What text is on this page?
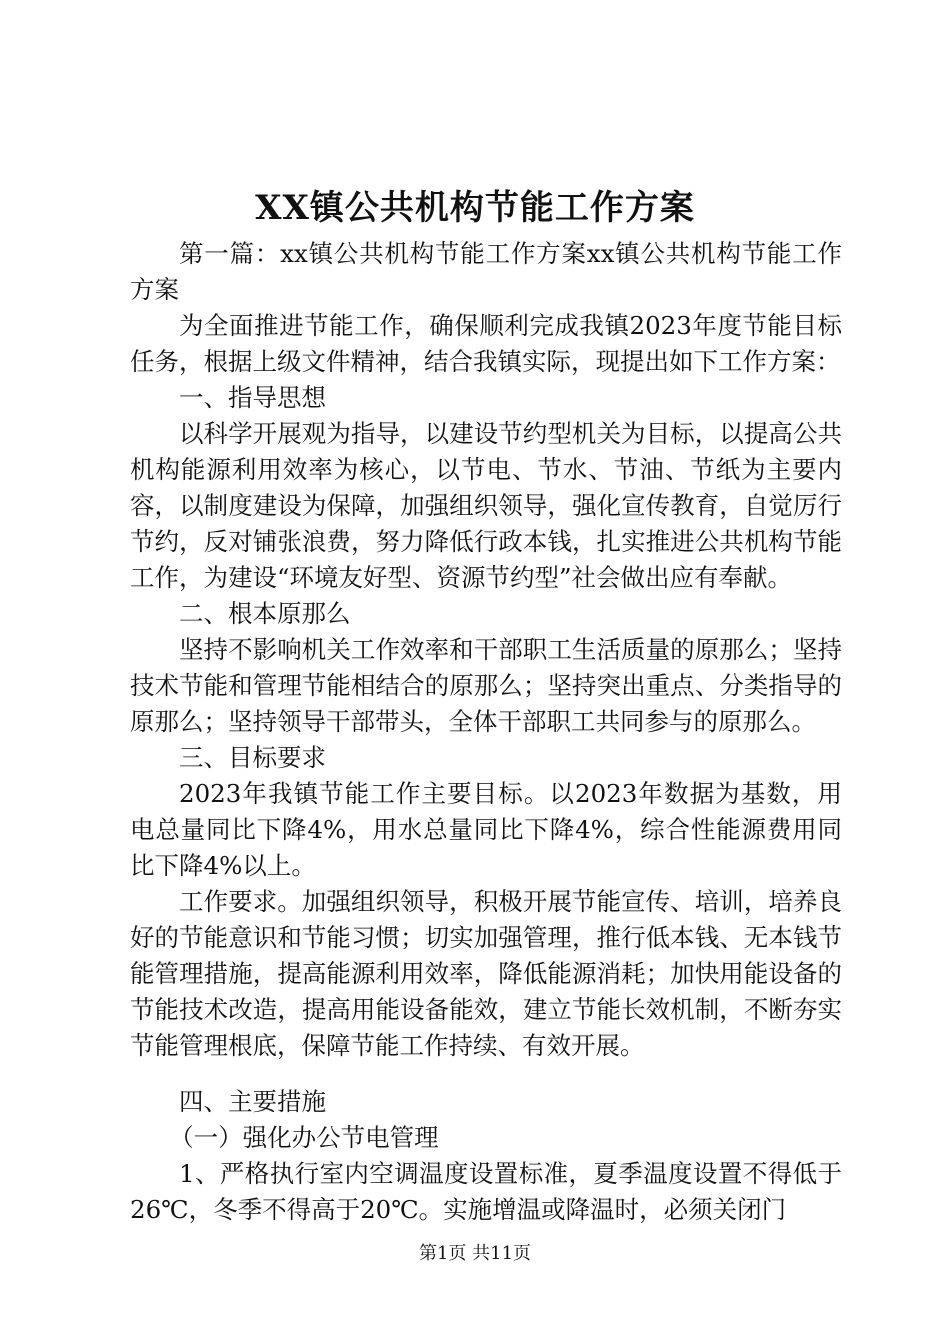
XX镇公共机构节能工作方案

第一篇：xx镇公共机构节能工作方案xx镇公共机构节能工作方案

为全面推进节能工作，确保顺利完成我镇2023年度节能目标任务，根据上级文件精神，结合我镇实际，现提出如下工作方案：

一、指导思想

以科学开展观为指导，以建设节约型机关为目标，以提高公共机构能源利用效率为核心，以节电、节水、节油、节纸为主要内容，以制度建设为保障，加强组织领导，强化宣传教育，自觉厉行节约，反对铺张浪费，努力降低行政本钱，扎实推进公共机构节能工作，为建设“环境友好型、资源节约型”社会做出应有奉献。

二、根本原那么

坚持不影响机关工作效率和干部职工生活质量的原那么；坚持技术节能和管理节能相结合的原那么；坚持突出重点、分类指导的原那么；坚持领导干部带头，全体干部职工共同参与的原那么。

三、目标要求

2023年我镇节能工作主要目标。以2023年数据为基数，用电总量同比下降4%，用水总量同比下降4%，综合性能源费用同比下降4%以上。

工作要求。加强组织领导，积极开展节能宣传、培训，培养良好的节能意识和节能习惯；切实加强管理，推行低本钱、无本钱节能管理措施，提高能源利用效率，降低能源消耗；加快用能设备的节能技术改造，提高用能设备能效，建立节能长效机制，不断夯实节能管理根底，保障节能工作持续、有效开展。

四、主要措施

（一）强化办公节电管理

1、严格执行室内空调温度设置标准，夏季温度设置不得低于26℃，冬季不得高于20℃。实施增温或降温时，必须关闭门

第1页 共11页
